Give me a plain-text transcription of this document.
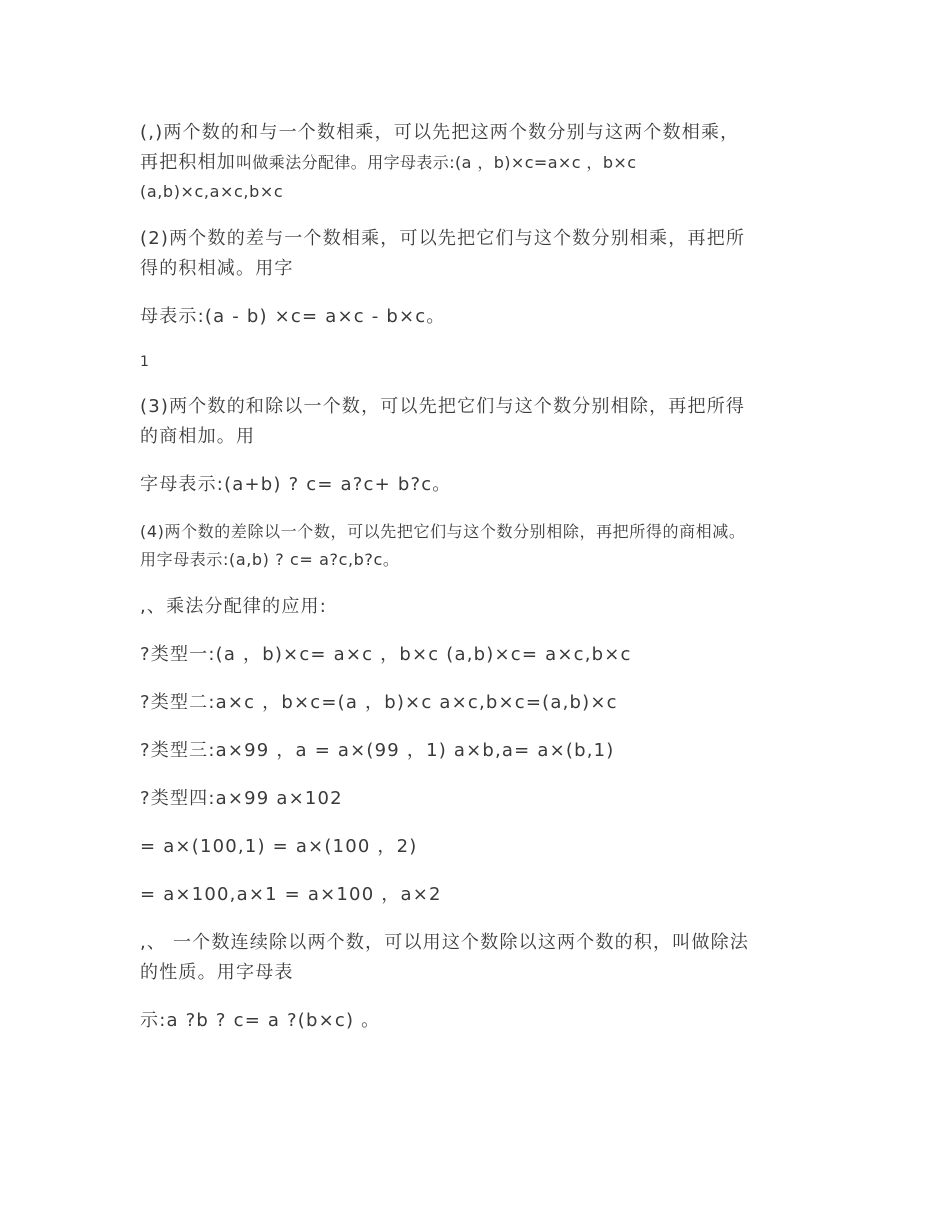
(,)两个数的和与一个数相乘，可以先把这两个数分别与这两个数相乘，
再把积相加叫做乘法分配律。用字母表示:(a ，b)×c=a×c ，b×c
(a,b)×c,a×c,b×c

(2)两个数的差与一个数相乘，可以先把它们与这个数分别相乘，再把所
得的积相减。用字

母表示:(a - b) ×c= a×c - b×c。

1

(3)两个数的和除以一个数，可以先把它们与这个数分别相除，再把所得
的商相加。用

字母表示:(a+b) ? c= a?c+ b?c。

(4)两个数的差除以一个数，可以先把它们与这个数分别相除，再把所得的商相减。
用字母表示:(a,b) ? c= a?c,b?c。

,、乘法分配律的应用:

?类型一:(a ，b)×c= a×c ，b×c (a,b)×c= a×c,b×c

?类型二:a×c ，b×c=(a ，b)×c a×c,b×c=(a,b)×c

?类型三:a×99 ，a = a×(99 ，1) a×b,a= a×(b,1)

?类型四:a×99 a×102

= a×(100,1) = a×(100 ，2)

= a×100,a×1 = a×100 ，a×2

,、 一个数连续除以两个数，可以用这个数除以这两个数的积，叫做除法
的性质。用字母表

示:a ?b ? c= a ?(b×c) 。
